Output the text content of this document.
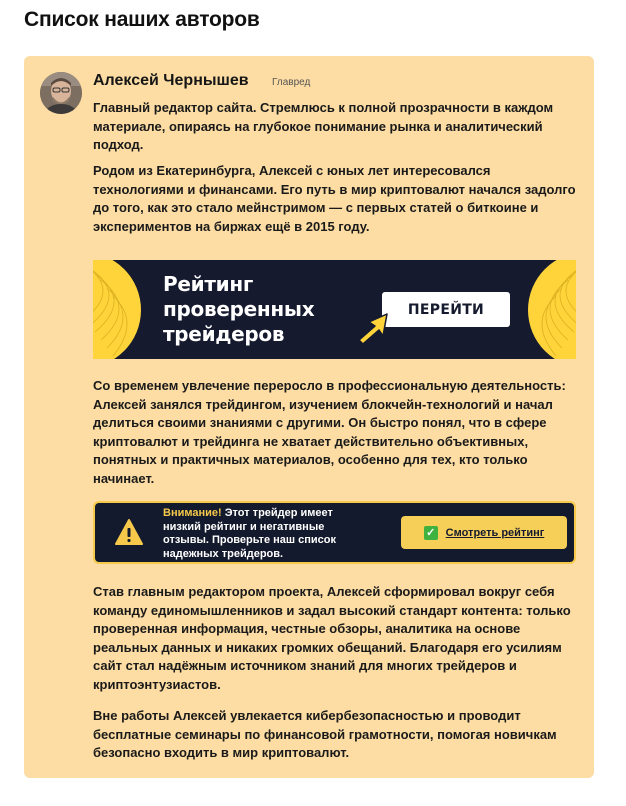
Список наших авторов
Алексей Чернышев Главред

Главный редактор сайта. Стремлюсь к полной прозрачности в каждом материале, опираясь на глубокое понимание рынка и аналитический подход.

Родом из Екатеринбурга, Алексей с юных лет интересовался технологиями и финансами. Его путь в мир криптовалют начался задолго до того, как это стало мейнстримом — с первых статей о биткоине и экспериментов на биржах ещё в 2015 году.

Рейтинг проверенных трейдеров
ПЕРЕЙТИ

Со временем увлечение переросло в профессиональную деятельность: Алексей занялся трейдингом, изучением блокчейн-технологий и начал делиться своими знаниями с другими. Он быстро понял, что в сфере криптовалют и трейдинга не хватает действительно объективных, понятных и практичных материалов, особенно для тех, кто только начинает.

Внимание! Этот трейдер имеет низкий рейтинг и негативные отзывы. Проверьте наш список надежных трейдеров.
✓ Смотреть рейтинг

Став главным редактором проекта, Алексей сформировал вокруг себя команду единомышленников и задал высокий стандарт контента: только проверенная информация, честные обзоры, аналитика на основе реальных данных и никаких громких обещаний. Благодаря его усилиям сайт стал надёжным источником знаний для многих трейдеров и криптоэнтузиастов.

Вне работы Алексей увлекается кибербезопасностью и проводит бесплатные семинары по финансовой грамотности, помогая новичкам безопасно входить в мир криптовалют.
